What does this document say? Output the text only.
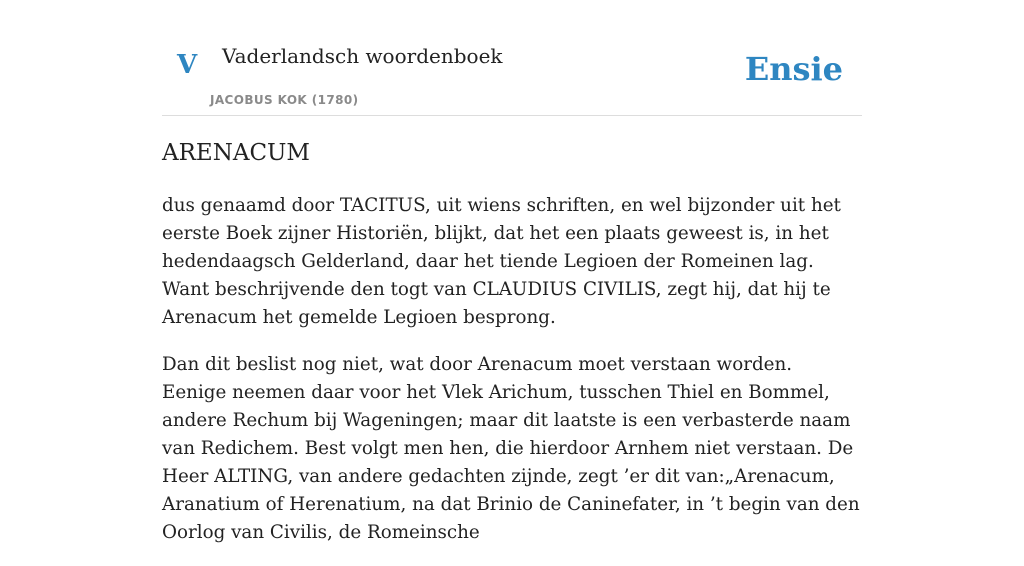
V Vaderlandsch woordenboek
JACOBUS KOK (1780)
Ensie
ARENACUM

dus genaamd door TACITUS, uit wiens schriften, en wel bijzonder uit het eerste Boek zijner Historiën, blijkt, dat het een plaats geweest is, in het hedendaagsch Gelderland, daar het tiende Legioen der Romeinen lag. Want beschrijvende den togt van CLAUDIUS CIVILIS, zegt hij, dat hij te Arenacum het gemelde Legioen besprong.

Dan dit beslist nog niet, wat door Arenacum moet verstaan worden. Eenige neemen daar voor het Vlek Arichum, tusschen Thiel en Bommel, andere Rechum bij Wageningen; maar dit laatste is een verbasterde naam van Redichem. Best volgt men hen, die hierdoor Arnhem niet verstaan. De Heer ALTING, van andere gedachten zijnde, zegt ’er dit van:„Arenacum, Aranatium of Herenatium, na dat Brinio de Caninefater, in ’t begin van den Oorlog van Civilis, de Romeinsche
